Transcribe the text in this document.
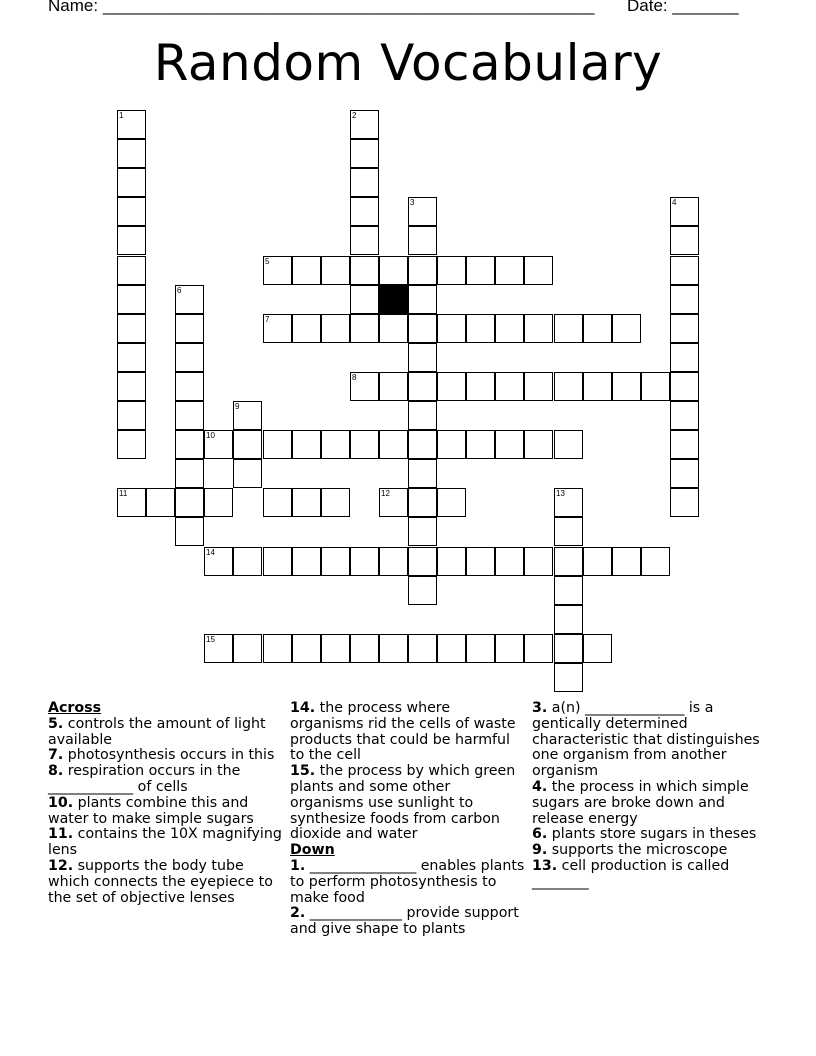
Name: ____________________________________________________ Date: _______
Random Vocabulary
1	2
3	4
5
6
7
8
9
10
11	12	13
14
15
Across
5. controls the amount of light available
7. photosynthesis occurs in this
8. respiration occurs in the ____________ of cells
10. plants combine this and water to make simple sugars
11. contains the 10X magnifying lens
12. supports the body tube which connects the eyepiece to the set of objective lenses
14. the process where organisms rid the cells of waste products that could be harmful to the cell
15. the process by which green plants and some other organisms use sunlight to synthesize foods from carbon dioxide and water
Down
1. _______________ enables plants to perform photosynthesis to make food
2. _____________ provide support and give shape to plants
3. a(n) ______________ is a gentically determined characteristic that distinguishes one organism from another organism
4. the process in which simple sugars are broke down and release energy
6. plants store sugars in theses
9. supports the microscope
13. cell production is called ________
